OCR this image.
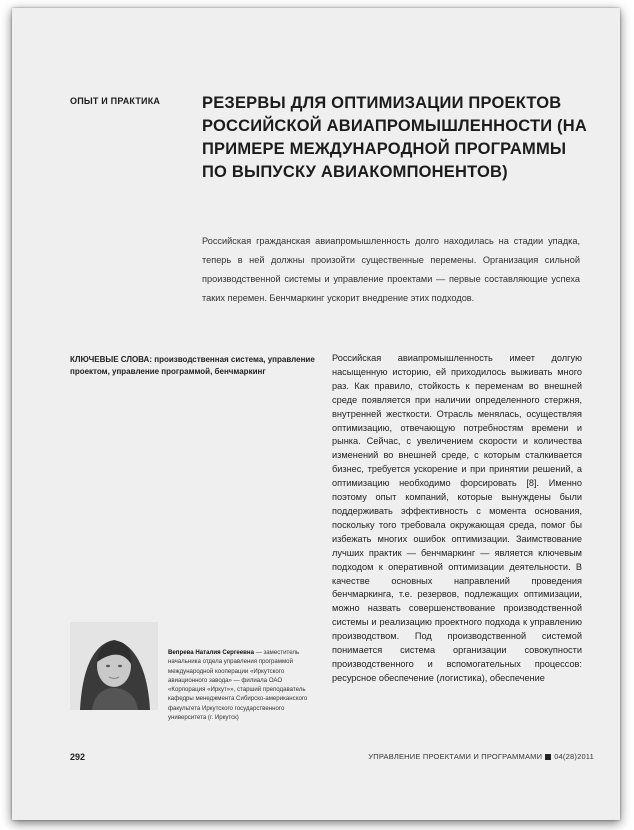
ОПЫТ И ПРАКТИКА	РЕЗЕРВЫ ДЛЯ ОПТИМИЗАЦИИ ПРОЕКТОВ РОССИЙСКОЙ АВИАПРОМЫШЛЕННОСТИ (НА ПРИМЕРЕ МЕЖДУНАРОДНОЙ ПРОГРАММЫ ПО ВЫПУСКУ АВИАКОМПОНЕНТОВ)

Российская гражданская авиапромышленность долго находилась на стадии упадка, теперь в ней должны произойти существенные перемены. Организация сильной производственной системы и управление проектами — первые составляющие успеха таких перемен. Бенчмаркинг ускорит внедрение этих подходов.

КЛЮЧЕВЫЕ СЛОВА: производственная система, управление проектом, управление программой, бенчмаркинг

Российская авиапромышленность имеет долгую насыщенную историю, ей приходилось выживать много раз. Как правило, стойкость к переменам во внешней среде появляется при наличии определенного стержня, внутренней жесткости. Отрасль менялась, осуществляя оптимизацию, отвечающую потребностям времени и рынка. Сейчас, с увеличением скорости и количества изменений во внешней среде, с которым сталкивается бизнес, требуется ускорение и при принятии решений, а оптимизацию необходимо форсировать [8]. Именно поэтому опыт компаний, которые вынуждены были поддерживать эффективность с момента основания, поскольку того требовала окружающая среда, помог бы избежать многих ошибок оптимизации. Заимствование лучших практик — бенчмаркинг — является ключевым подходом к оперативной оптимизации деятельности. В качестве основных направлений проведения бенчмаркинга, т.е. резервов, подлежащих оптимизации, можно назвать совершенствование производственной системы и реализацию проектного подхода к управлению производством. Под производственной системой понимается система организации совокупности производственного и вспомогательных процессов: ресурсное обеспечение (логистика), обеспечение

Вепрева Наталия Сергеевна — заместитель начальника отдела управления программой международной кооперации «Иркутского авиационного завода» — филиала ОАО «Корпорация «Иркут»», старший преподаватель кафедры менеджмента Сибирско-американского факультета Иркутского государственного университета (г. Иркутск)

292	УПРАВЛЕНИЕ ПРОЕКТАМИ И ПРОГРАММАМИ 04(28)2011
